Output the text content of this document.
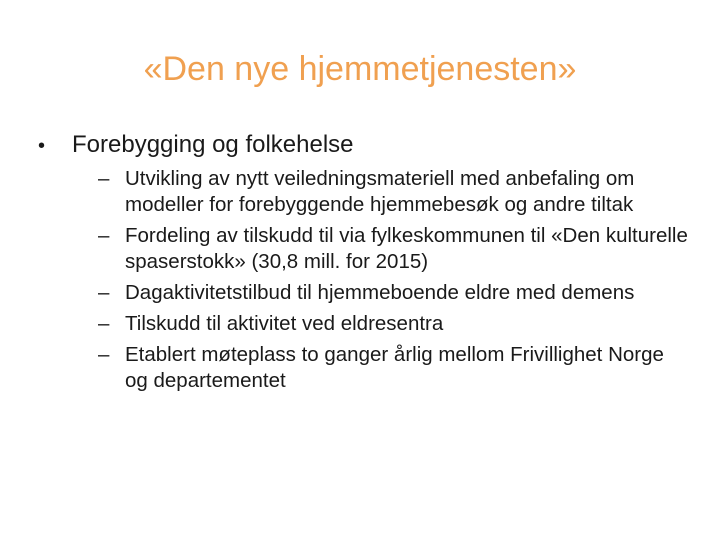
«Den nye hjemmetjenesten»
•	Forebygging og folkehelse
– Utvikling av nytt veiledningsmateriell med anbefaling om modeller for forebyggende hjemmebesøk og andre tiltak
– Fordeling av tilskudd til via fylkeskommunen til «Den kulturelle spaserstokk» (30,8 mill. for 2015)
– Dagaktivitetstilbud til hjemmeboende eldre med demens
– Tilskudd til aktivitet ved eldresentra
– Etablert møteplass to ganger årlig mellom Frivillighet Norge og departementet
